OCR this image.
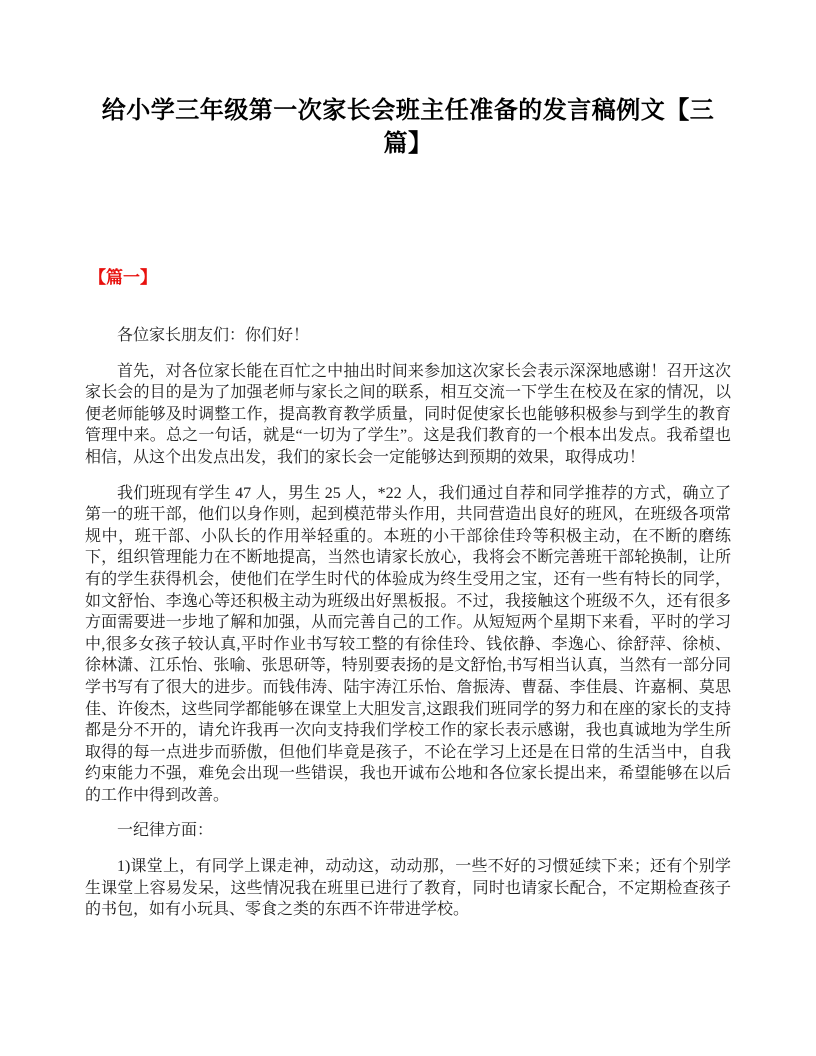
给小学三年级第一次家长会班主任准备的发言稿例文【三篇】
【篇一】

各位家长朋友们：你们好！

首先，对各位家长能在百忙之中抽出时间来参加这次家长会表示深深地感谢！召开这次家长会的目的是为了加强老师与家长之间的联系，相互交流一下学生在校及在家的情况，以便老师能够及时调整工作，提高教育教学质量，同时促使家长也能够积极参与到学生的教育管理中来。总之一句话，就是“一切为了学生”。这是我们教育的一个根本出发点。我希望也相信，从这个出发点出发，我们的家长会一定能够达到预期的效果，取得成功！

我们班现有学生 47 人，男生 25 人，*22 人，我们通过自荐和同学推荐的方式，确立了第一的班干部，他们以身作则，起到模范带头作用，共同营造出良好的班风，在班级各项常规中，班干部、小队长的作用举轻重的。本班的小干部徐佳玲等积极主动，在不断的磨练下，组织管理能力在不断地提高，当然也请家长放心，我将会不断完善班干部轮换制，让所有的学生获得机会，使他们在学生时代的体验成为终生受用之宝，还有一些有特长的同学，如文舒怡、李逸心等还积极主动为班级出好黑板报。不过，我接触这个班级不久，还有很多方面需要进一步地了解和加强，从而完善自己的工作。从短短两个星期下来看，平时的学习中,很多女孩子较认真,平时作业书写较工整的有徐佳玲、钱依静、李逸心、徐舒萍、徐桢、徐林潇、江乐怡、张喻、张思研等，特别要表扬的是文舒怡,书写相当认真，当然有一部分同学书写有了很大的进步。而钱伟涛、陆宇涛江乐怡、詹振涛、曹磊、李佳晨、许嘉桐、莫思佳、许俊杰，这些同学都能够在课堂上大胆发言,这跟我们班同学的努力和在座的家长的支持都是分不开的，请允许我再一次向支持我们学校工作的家长表示感谢，我也真诚地为学生所取得的每一点进步而骄傲，但他们毕竟是孩子，不论在学习上还是在日常的生活当中，自我约束能力不强，难免会出现一些错误，我也开诚布公地和各位家长提出来，希望能够在以后的工作中得到改善。

一纪律方面：

1)课堂上，有同学上课走神，动动这，动动那，一些不好的习惯延续下来；还有个别学生课堂上容易发呆，这些情况我在班里已进行了教育，同时也请家长配合，不定期检查孩子的书包，如有小玩具、零食之类的东西不许带进学校。
